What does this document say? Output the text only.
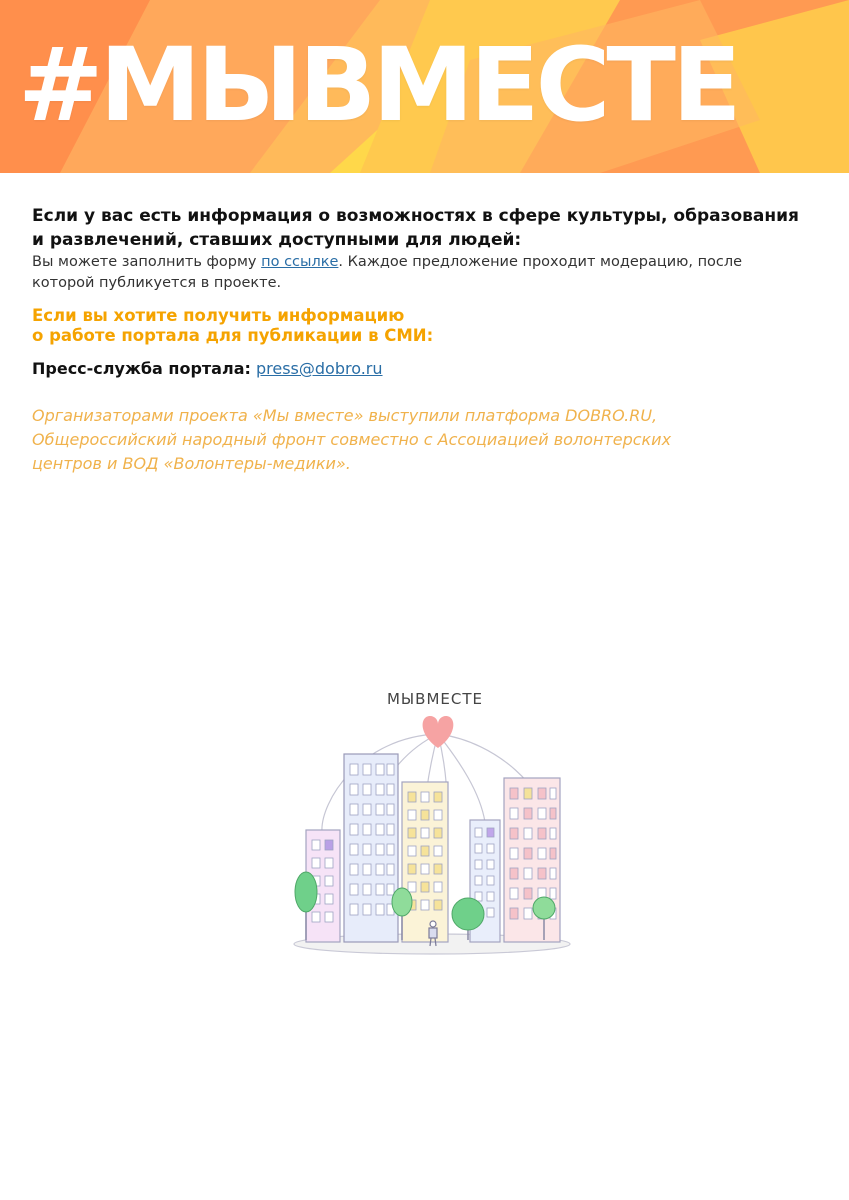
#МЫВМЕСТЕ

Если у вас есть информация о возможностях в сфере культуры, образования и развлечений, ставших доступными для людей:

Вы можете заполнить форму по ссылке. Каждое предложение проходит модерацию, после которой публикуется в проекте.

Если вы хотите получить информацию
о работе портала для публикации в СМИ:

Пресс-служба портала: press@dobro.ru

Организаторами проекта «Мы вместе» выступили платформа DOBRO.RU,
Общероссийский народный фронт совместно с Ассоциацией волонтерских
центров и ВОД «Волонтеры-медики».

МЫВМЕСТЕ
